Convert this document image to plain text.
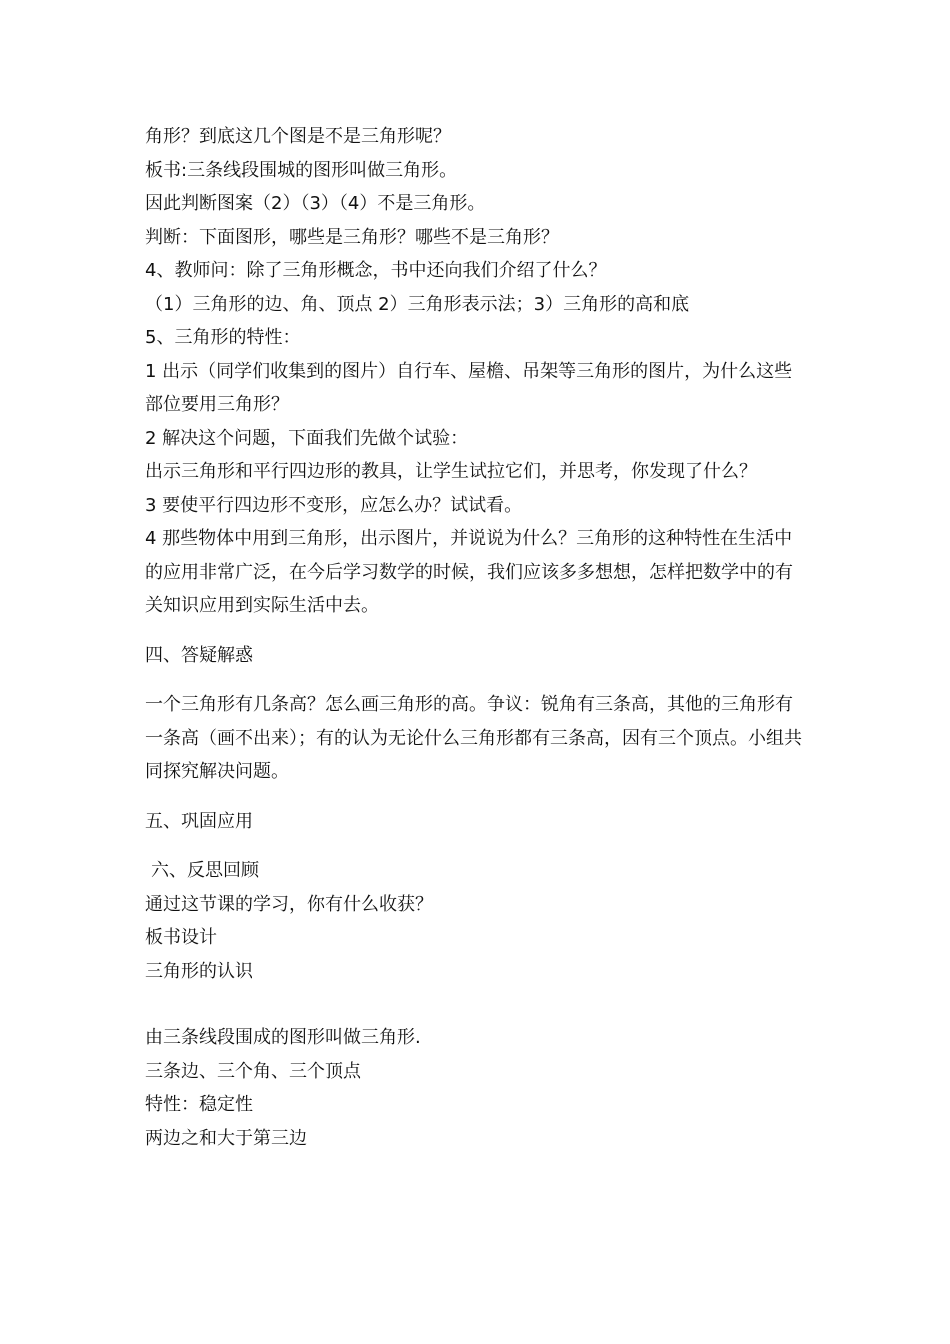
角形？到底这几个图是不是三角形呢？
板书:三条线段围城的图形叫做三角形。
因此判断图案（2）（3）（4）不是三角形。
判断：下面图形，哪些是三角形？哪些不是三角形？
4、教师问：除了三角形概念，书中还向我们介绍了什么？
（1）三角形的边、角、顶点 2）三角形表示法；3）三角形的高和底
5、三角形的特性：
1 出示（同学们收集到的图片）自行车、屋檐、吊架等三角形的图片，为什么这些部位要用三角形？
2 解决这个问题，下面我们先做个试验：
出示三角形和平行四边形的教具，让学生试拉它们，并思考，你发现了什么？
3 要使平行四边形不变形，应怎么办？试试看。
4 那些物体中用到三角形，出示图片，并说说为什么？三角形的这种特性在生活中的应用非常广泛，在今后学习数学的时候，我们应该多多想想，怎样把数学中的有关知识应用到实际生活中去。
四、答疑解惑
一个三角形有几条高？怎么画三角形的高。争议：锐角有三条高，其他的三角形有一条高（画不出来）；有的认为无论什么三角形都有三条高，因有三个顶点。小组共同探究解决问题。
五、巩固应用
六、反思回顾
通过这节课的学习，你有什么收获？
板书设计
三角形的认识
由三条线段围成的图形叫做三角形.
三条边、三个角、三个顶点
特性：稳定性
两边之和大于第三边
